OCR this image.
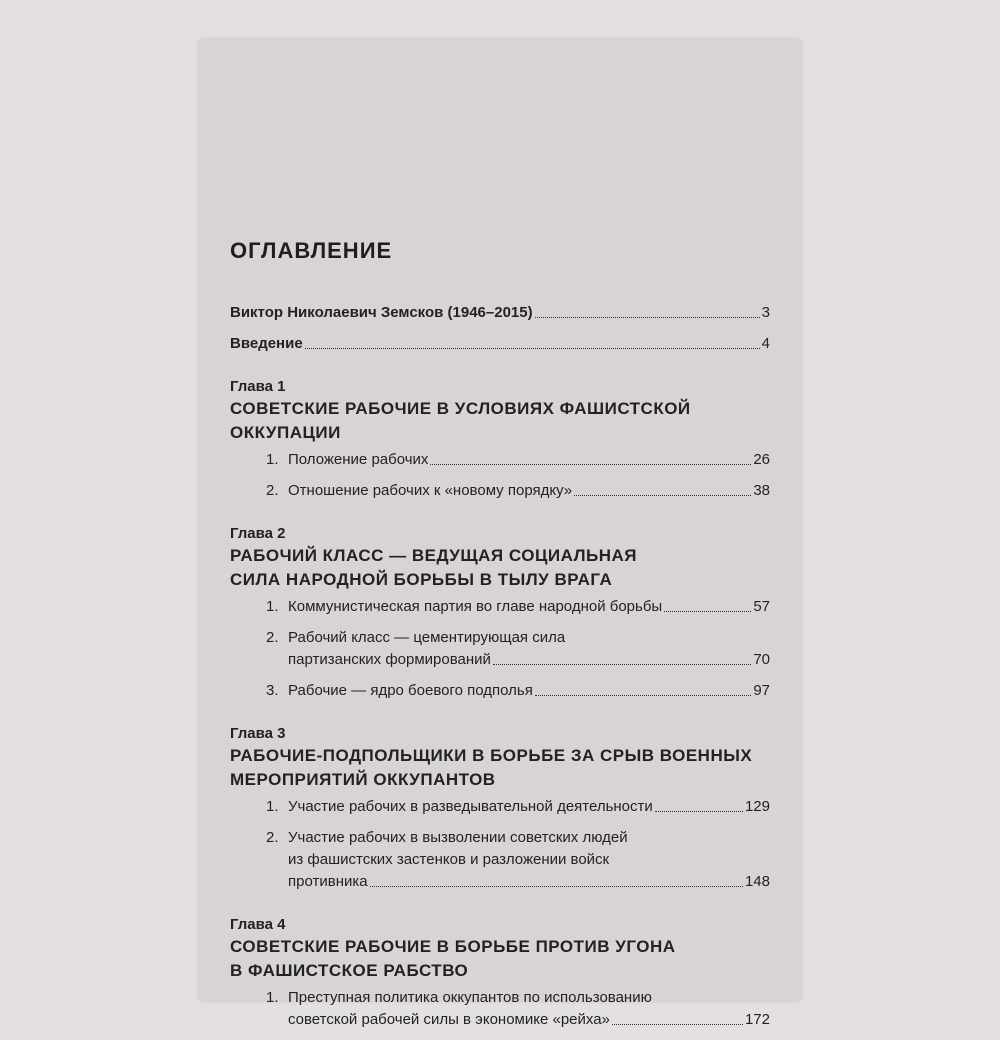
ОГЛАВЛЕНИЕ
Виктор Николаевич Земсков (1946–2015)	3
Введение	4
Глава 1
СОВЕТСКИЕ РАБОЧИЕ В УСЛОВИЯХ ФАШИСТСКОЙ
ОККУПАЦИИ
1. Положение рабочих	26
2. Отношение рабочих к «новому порядку»	38
Глава 2
РАБОЧИЙ КЛАСС — ВЕДУЩАЯ СОЦИАЛЬНАЯ
СИЛА НАРОДНОЙ БОРЬБЫ В ТЫЛУ ВРАГА
1. Коммунистическая партия во главе народной борьбы	57
2. Рабочий класс — цементирующая сила
партизанских формирований	70
3. Рабочие — ядро боевого подполья	97
Глава 3
РАБОЧИЕ-ПОДПОЛЬЩИКИ В БОРЬБЕ ЗА СРЫВ ВОЕННЫХ
МЕРОПРИЯТИЙ ОККУПАНТОВ
1. Участие рабочих в разведывательной деятельности	129
2. Участие рабочих в вызволении советских людей
из фашистских застенков и разложении войск
противника	148
Глава 4
СОВЕТСКИЕ РАБОЧИЕ В БОРЬБЕ ПРОТИВ УГОНА
В ФАШИСТСКОЕ РАБСТВО
1. Преступная политика оккупантов по использованию
советской рабочей силы в экономике «рейха»	172
